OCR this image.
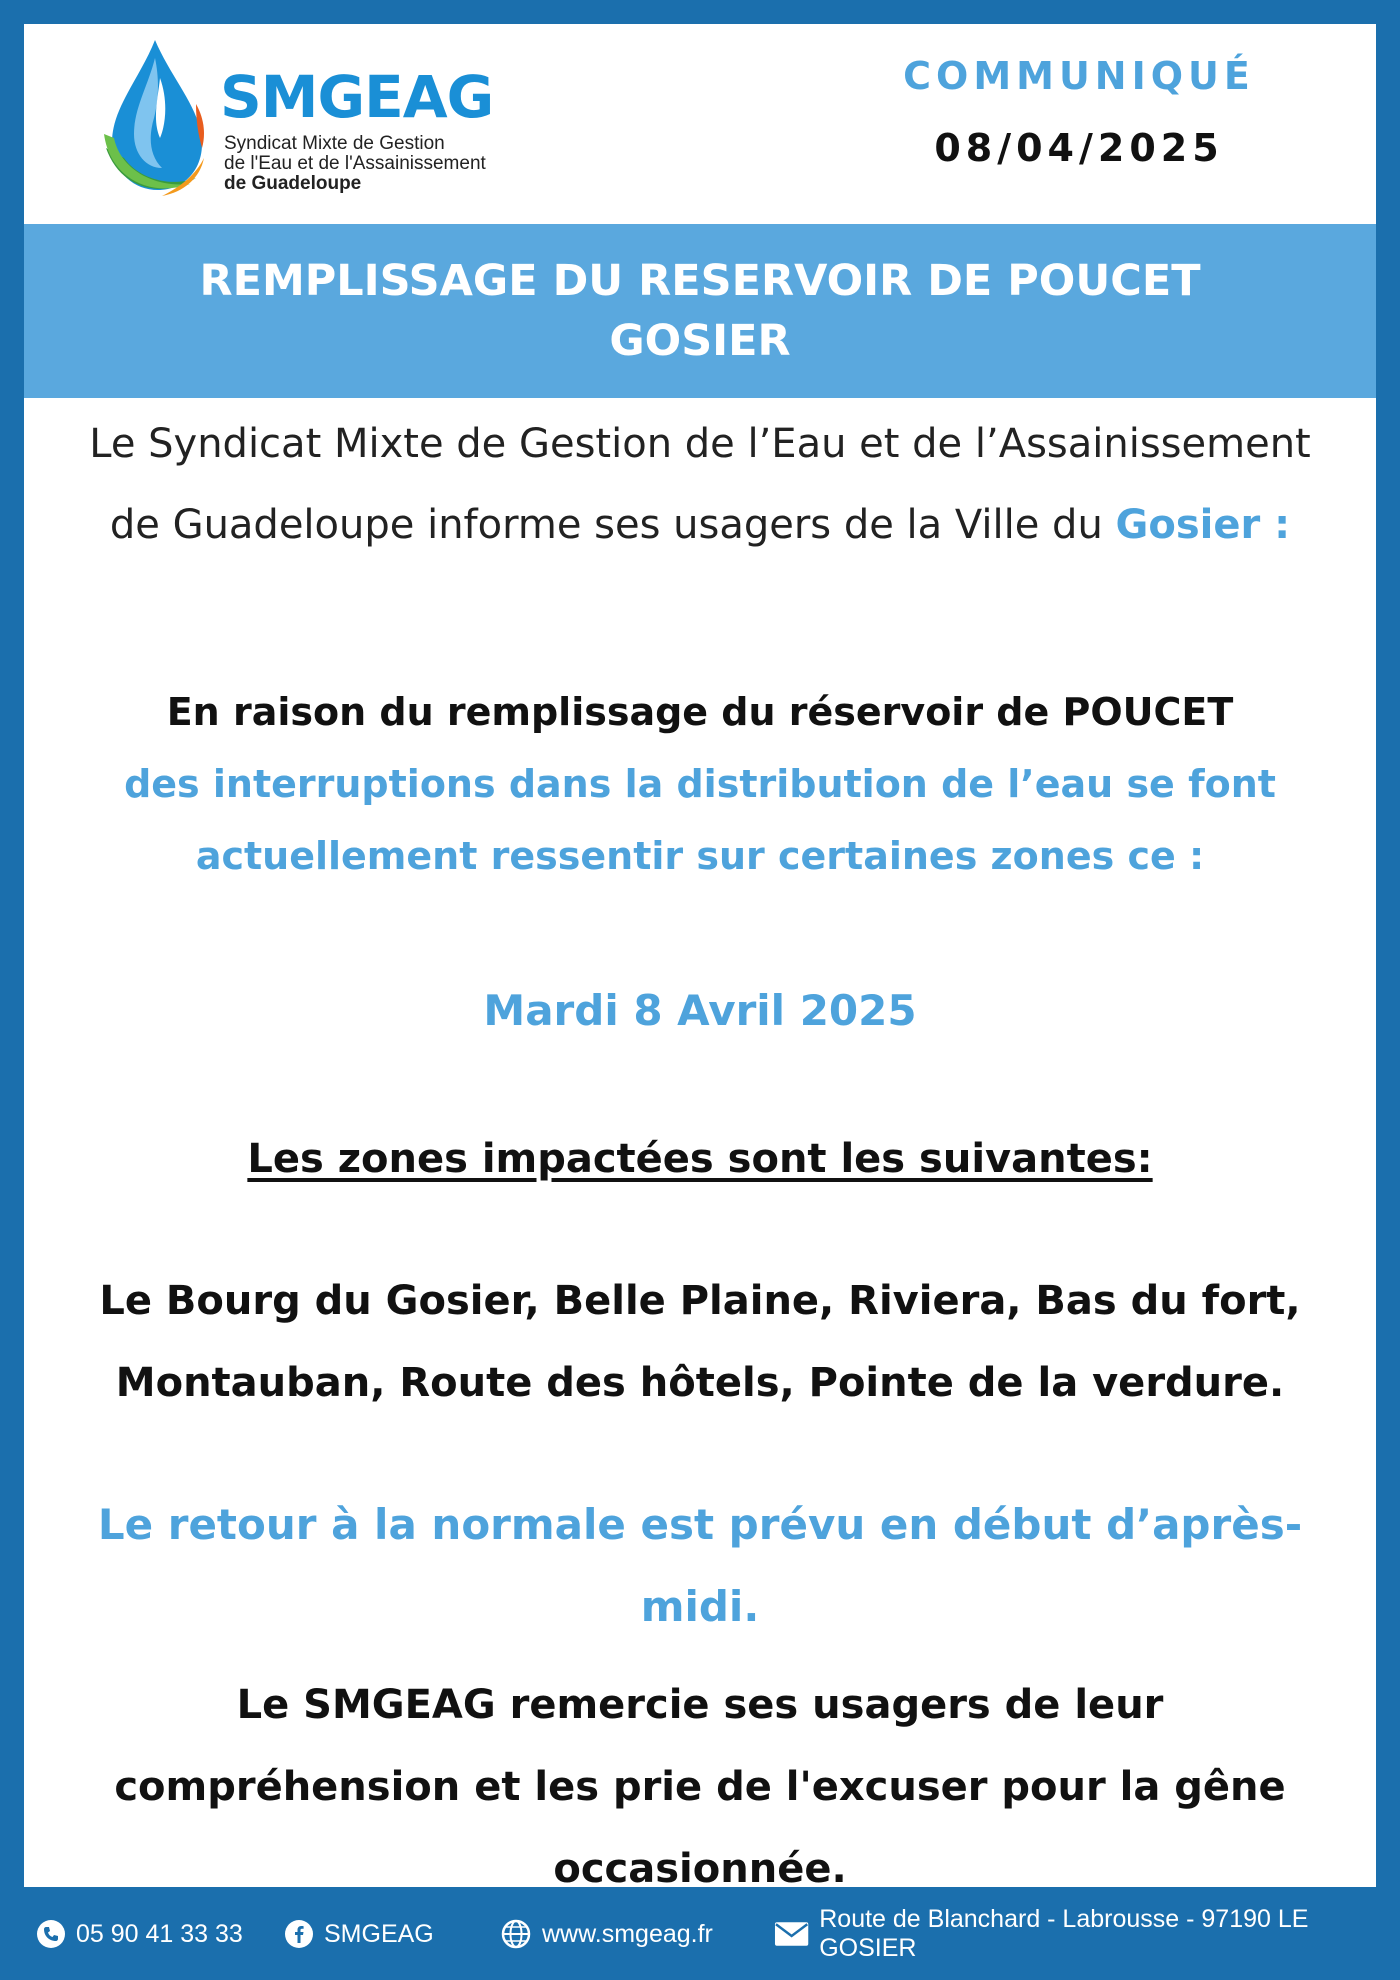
SMGEAG
Syndicat Mixte de Gestion
de l'Eau et de l'Assainissement
de Guadeloupe
COMMUNIQUÉ
08/04/2025
REMPLISSAGE DU RESERVOIR DE POUCET
GOSIER
Le Syndicat Mixte de Gestion de l’Eau et de l’Assainissement de Guadeloupe informe ses usagers de la Ville du Gosier :
En raison du remplissage du réservoir de POUCET
des interruptions dans la distribution de l’eau se font
actuellement ressentir sur certaines zones ce :
Mardi 8 Avril 2025
Les zones impactées sont les suivantes:
Le Bourg du Gosier, Belle Plaine, Riviera, Bas du fort,
Montauban, Route des hôtels, Pointe de la verdure.
Le retour à la normale est prévu en début d’après-midi.
Le SMGEAG remercie ses usagers de leur
compréhension et les prie de l'excuser pour la gêne
occasionnée.
05 90 41 33 33	SMGEAG	www.smgeag.fr
Route de Blanchard - Labrousse - 97190 LE GOSIER
